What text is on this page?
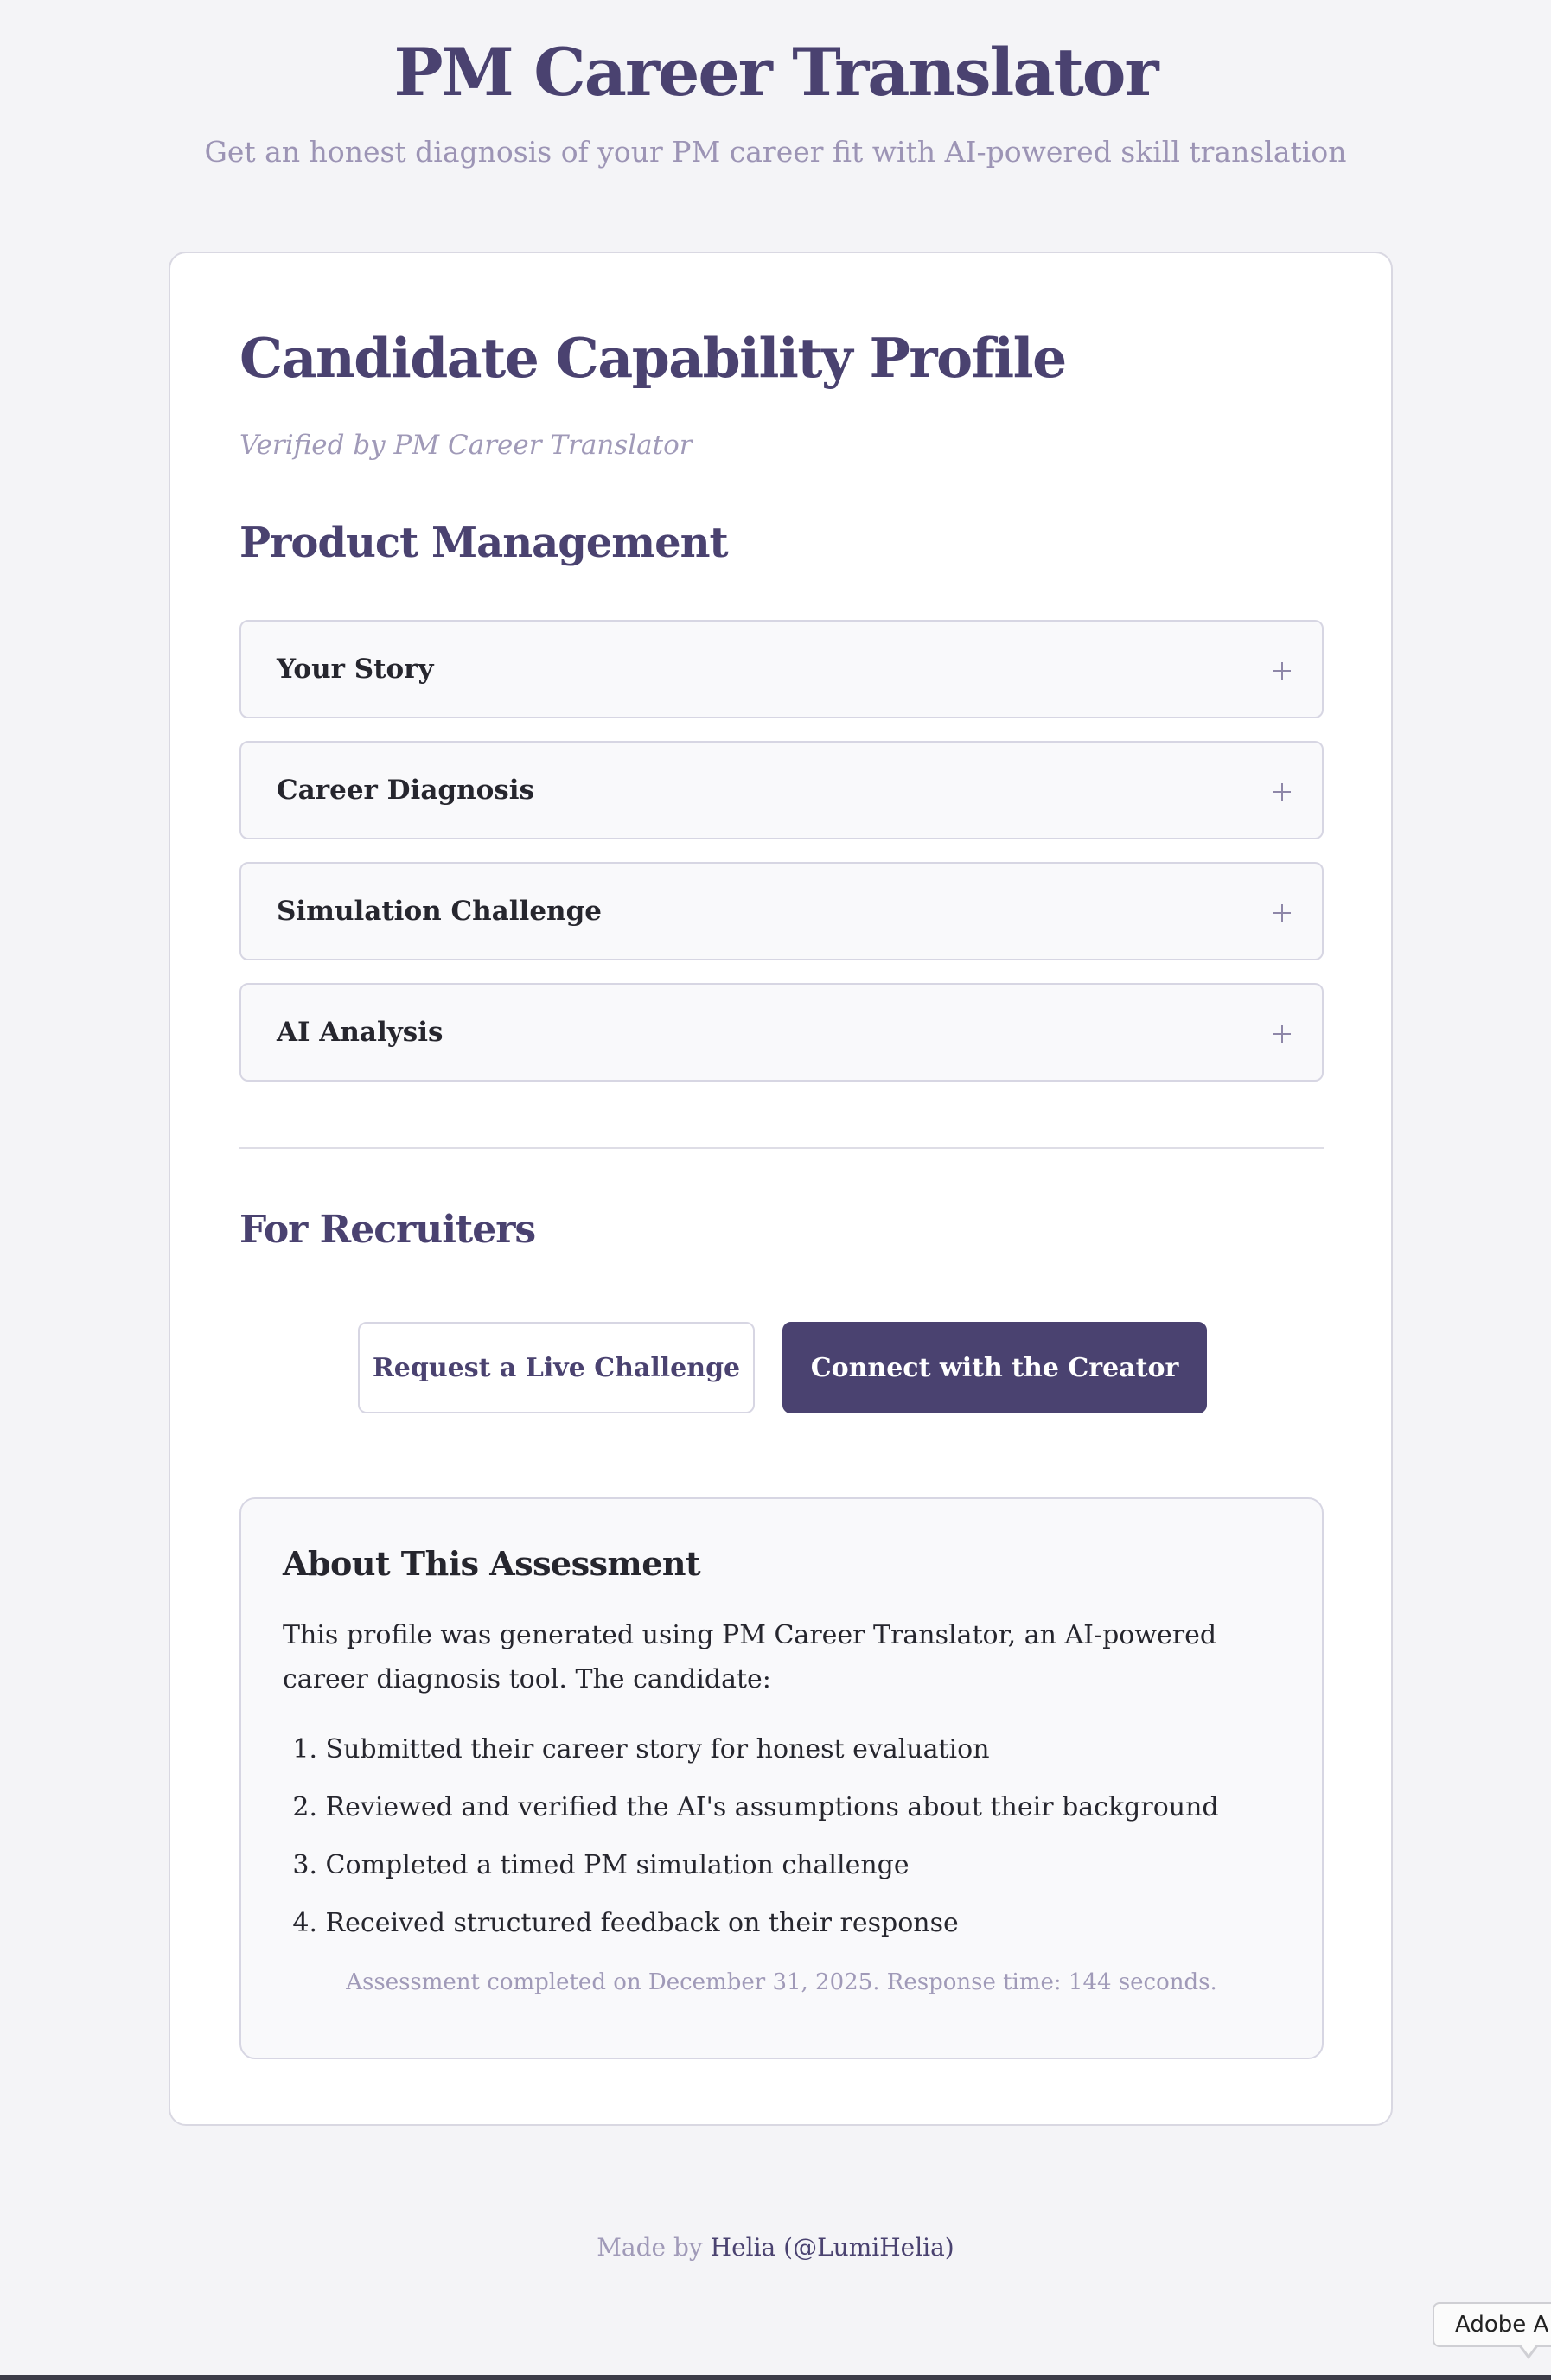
PM Career Translator

Get an honest diagnosis of your PM career fit with AI-powered skill translation

Candidate Capability Profile

Verified by PM Career Translator

Product Management
Your Story
Career Diagnosis
Simulation Challenge
AI Analysis
For Recruiters
Request a Live Challenge	Connect with the Creator
About This Assessment

This profile was generated using PM Career Translator, an AI-powered career diagnosis tool. The candidate:

1. Submitted their career story for honest evaluation
2. Reviewed and verified the AI's assumptions about their background
3. Completed a timed PM simulation challenge
4. Received structured feedback on their response

Assessment completed on December 31, 2025. Response time: 144 seconds.

Made by Helia (@LumiHelia)
Adobe A
